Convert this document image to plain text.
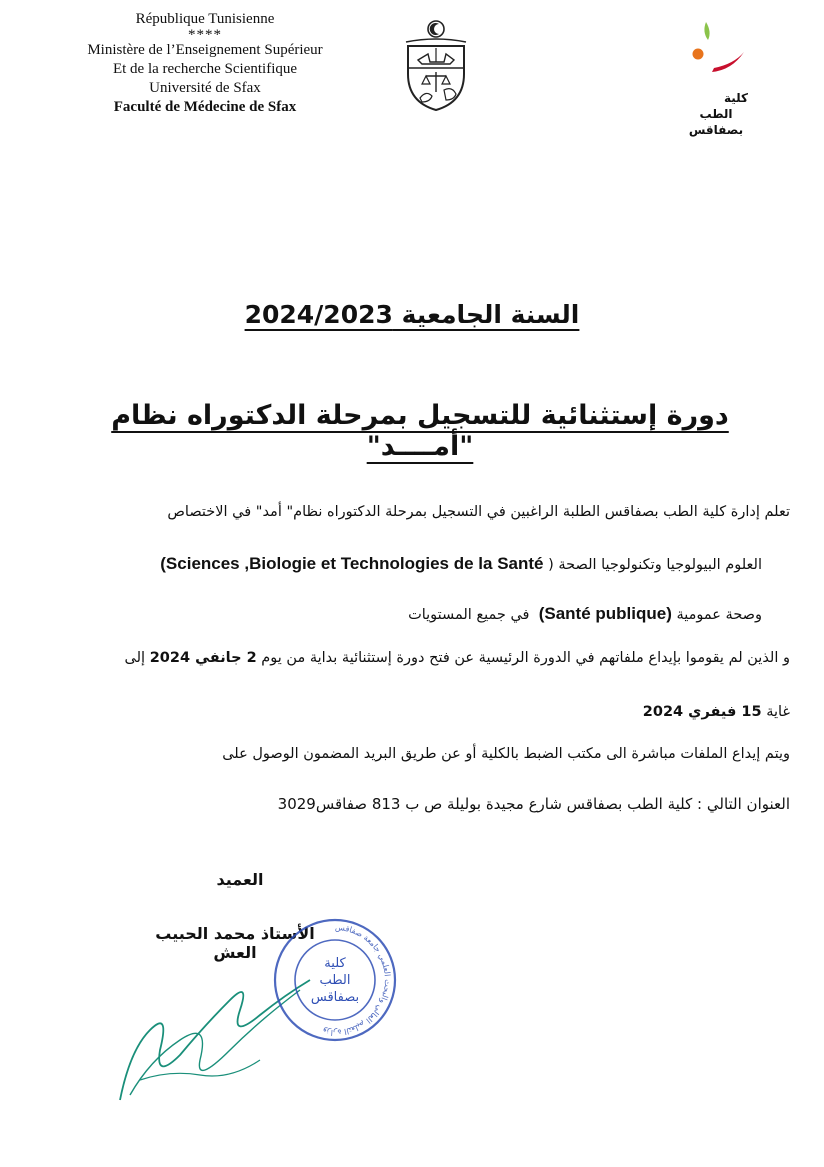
République Tunisienne
****
Ministère de l’Enseignement Supérieur
Et de la recherche Scientifique
Université de Sfax
Faculté de Médecine de Sfax
كلية
الطب
بصفاقس
السنة الجامعية 2024/2023
دورة إستثنائية للتسجيل بمرحلة الدكتوراه نظام "أمــــد"
تعلم إدارة كلية الطب بصفاقس الطلبة الراغبين في التسجيل بمرحلة الدكتوراه نظام" أمد" في الاختصاص
العلوم البيولوجيا وتكنولوجيا الصحة ( (Sciences ,Biologie et Technologies de la Santé
وصحة عمومية (Santé publique)  في جميع المستويات
و الذين لم يقوموا بإيداع ملفاتهم في الدورة الرئيسية عن فتح دورة إستثنائية بداية من يوم 2 جانفي 2024 إلى
غاية 15 فيفري 2024
ويتم إيداع الملفات مباشرة الى مكتب الضبط بالكلية أو عن طريق البريد المضمون الوصول على
العنوان التالي : كلية الطب بصفاقس شارع مجيدة بوليلة ص ب 813 صفاقس3029
العميد
الأستاذ محمد الحبيب العش
وزارة التعليم العالي والبحث العلمي جامعة صفاقس
كلية
الطب
بصفاقس
